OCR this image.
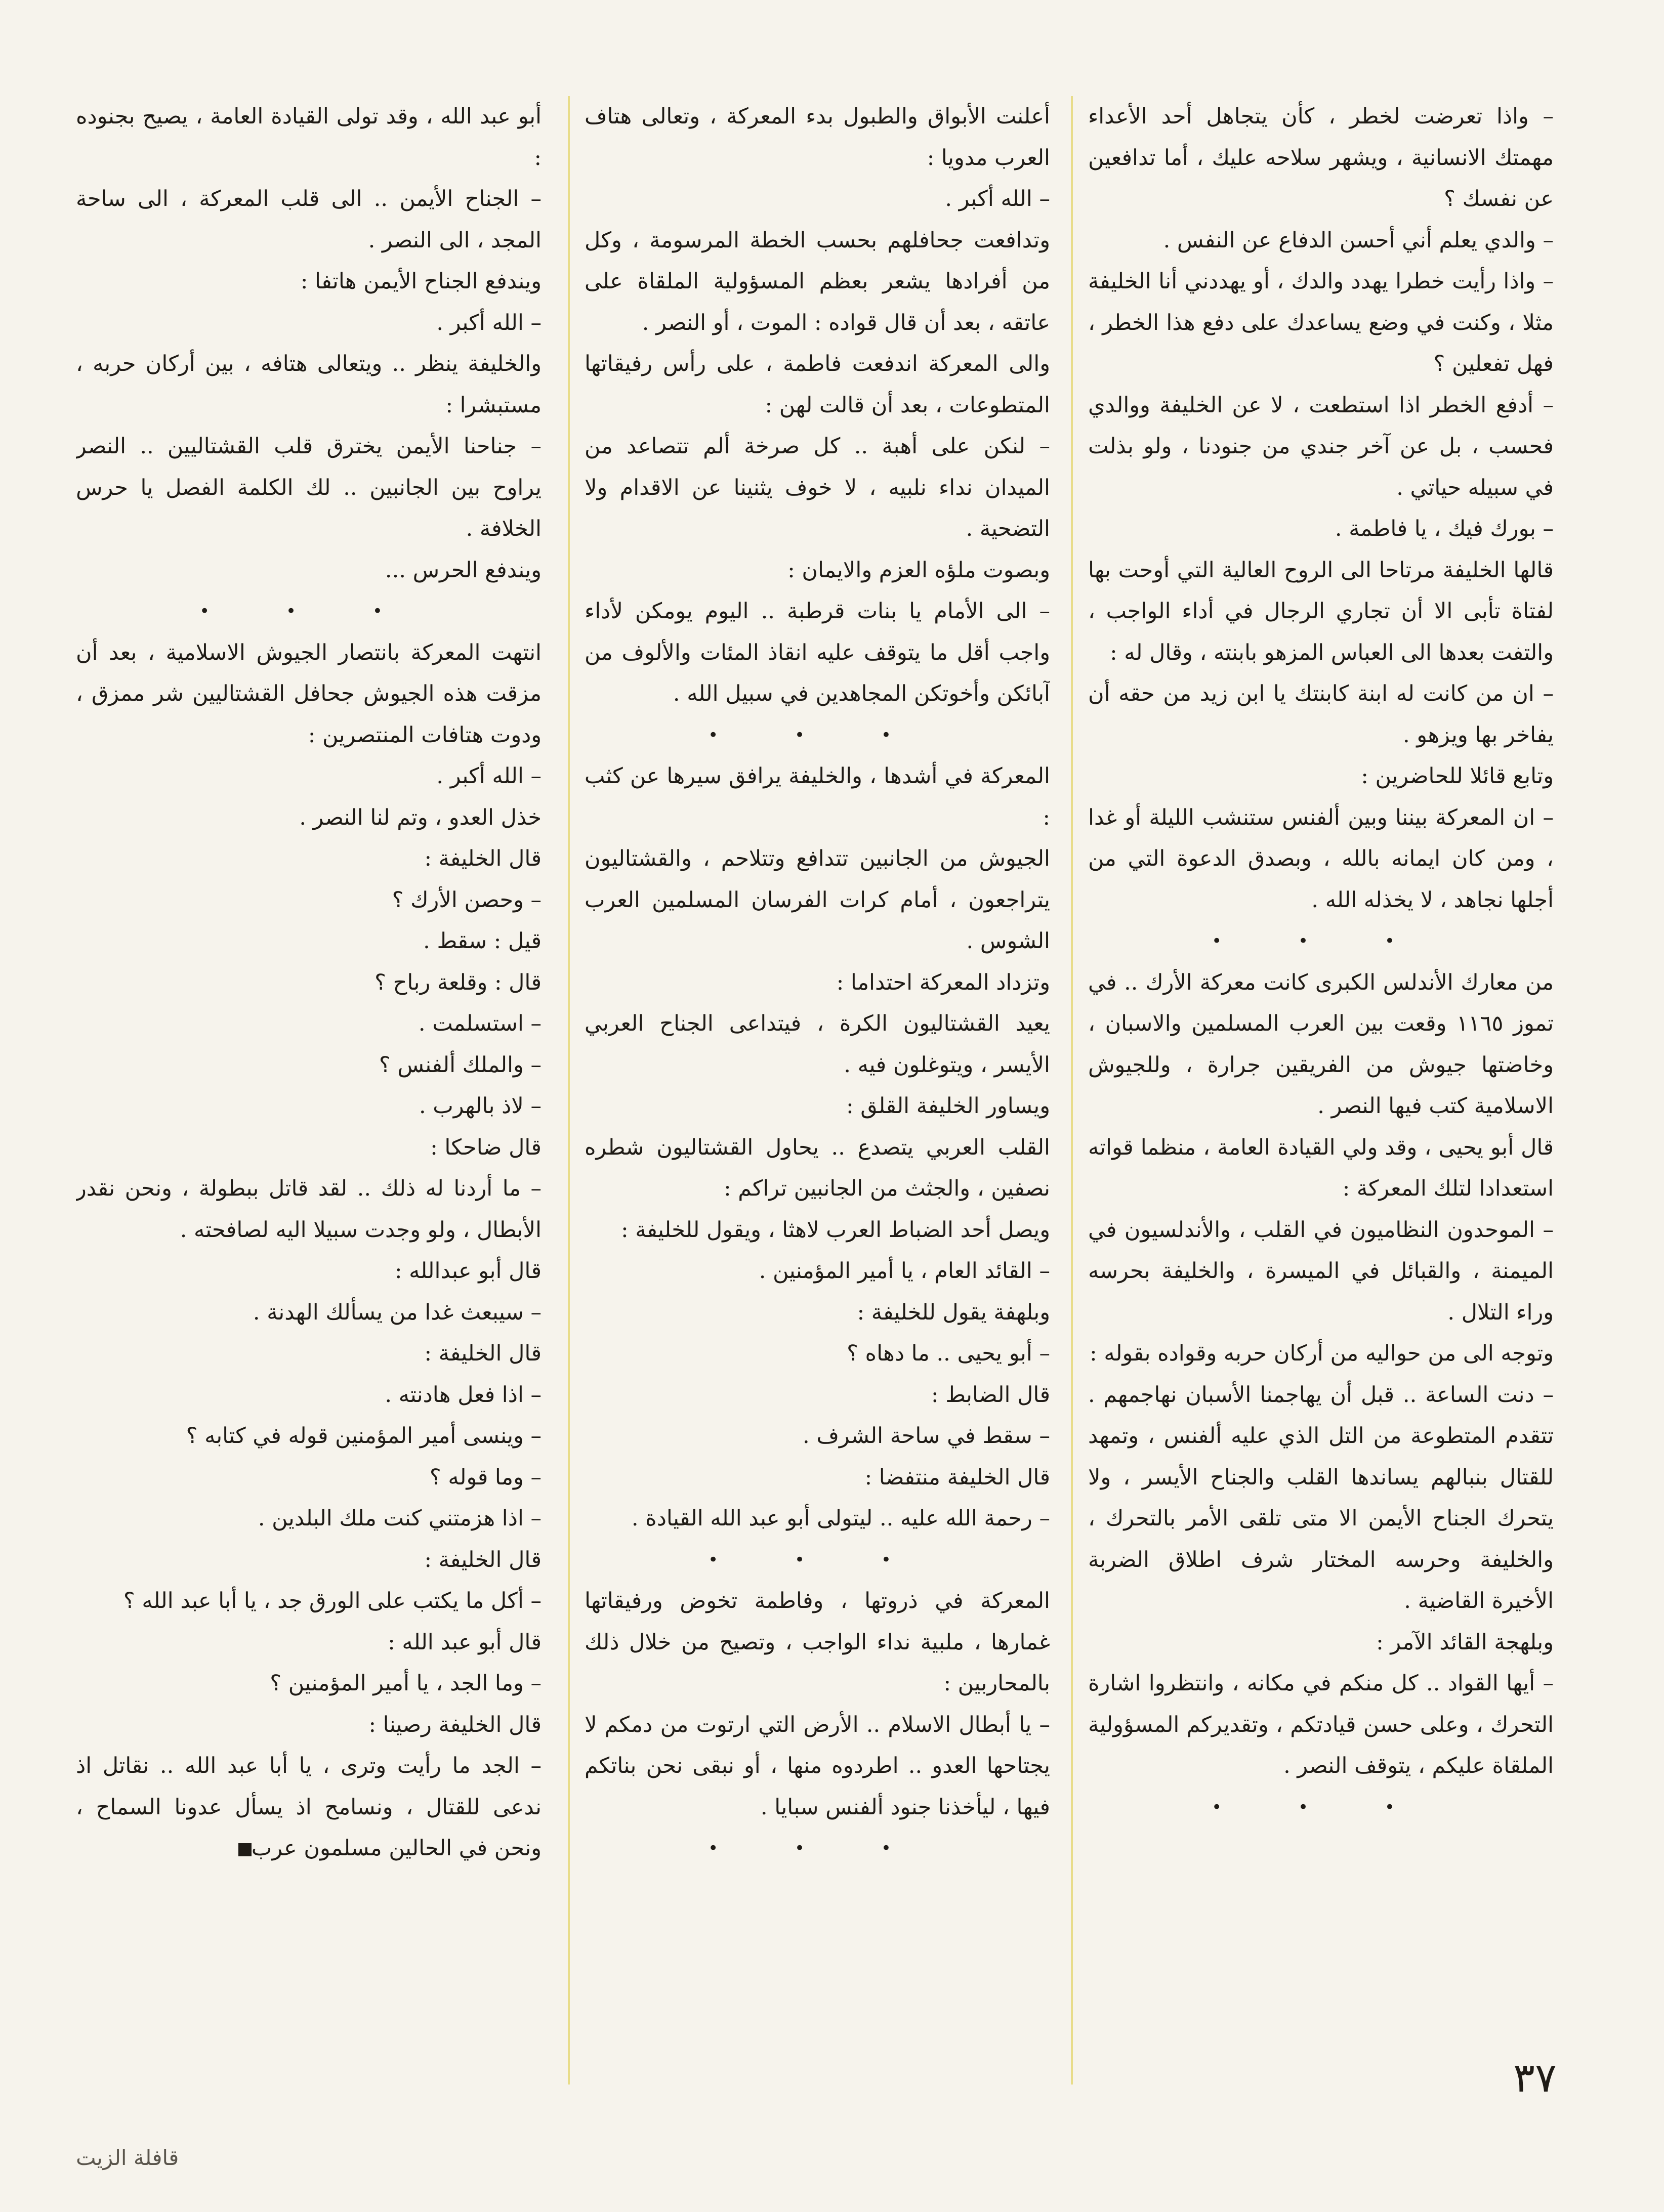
– واذا تعرضت لخطر ، كأن يتجاهل أحد الأعداء مهمتك الانسانية ، ويشهر سلاحه عليك ، أما تدافعين عن نفسك ؟

– والدي يعلم أني أحسن الدفاع عن النفس .

– واذا رأيت خطرا يهدد والدك ، أو يهددني أنا الخليفة مثلا ، وكنت في وضع يساعدك على دفع هذا الخطر ، فهل تفعلين ؟

– أدفع الخطر اذا استطعت ، لا عن الخليفة ووالدي فحسب ، بل عن آخر جندي من جنودنا ، ولو بذلت في سبيله حياتي .

– بورك فيك ، يا فاطمة .

قالها الخليفة مرتاحا الى الروح العالية التي أوحت بها لفتاة تأبى الا أن تجاري الرجال في أداء الواجب ، والتفت بعدها الى العباس المزهو بابنته ، وقال له :

– ان من كانت له ابنة كابنتك يا ابن زيد من حقه أن يفاخر بها ويزهو .

وتابع قائلا للحاضرين :

– ان المعركة بيننا وبين ألفنس ستنشب الليلة أو غدا ، ومن كان ايمانه بالله ، وبصدق الدعوة التي من أجلها نجاهد ، لا يخذله الله .

• • •

من معارك الأندلس الكبرى كانت معركة الأرك .. في تموز ١١٦٥ وقعت بين العرب المسلمين والاسبان ، وخاضتها جيوش من الفريقين جرارة ، وللجيوش الاسلامية كتب فيها النصر .

قال أبو يحيى ، وقد ولي القيادة العامة ، منظما قواته استعدادا لتلك المعركة :

– الموحدون النظاميون في القلب ، والأندلسيون في الميمنة ، والقبائل في الميسرة ، والخليفة بحرسه وراء التلال .

وتوجه الى من حواليه من أركان حربه وقواده بقوله :

– دنت الساعة .. قبل أن يهاجمنا الأسبان نهاجمهم . تتقدم المتطوعة من التل الذي عليه ألفنس ، وتمهد للقتال بنبالهم يساندها القلب والجناح الأيسر ، ولا يتحرك الجناح الأيمن الا متى تلقى الأمر بالتحرك ، والخليفة وحرسه المختار شرف اطلاق الضربة الأخيرة القاضية .

وبلهجة القائد الآمر :

– أيها القواد .. كل منكم في مكانه ، وانتظروا اشارة التحرك ، وعلى حسن قيادتكم ، وتقديركم المسؤولية الملقاة عليكم ، يتوقف النصر .

• • •

أعلنت الأبواق والطبول بدء المعركة ، وتعالى هتاف العرب مدويا :

– الله أكبر .

وتدافعت جحافلهم بحسب الخطة المرسومة ، وكل من أفرادها يشعر بعظم المسؤولية الملقاة على عاتقه ، بعد أن قال قواده : الموت ، أو النصر .

والى المعركة اندفعت فاطمة ، على رأس رفيقاتها المتطوعات ، بعد أن قالت لهن :

– لنكن على أهبة .. كل صرخة ألم تتصاعد من الميدان نداء نلبيه ، لا خوف يثنينا عن الاقدام ولا التضحية .

وبصوت ملؤه العزم والايمان :

– الى الأمام يا بنات قرطبة .. اليوم يومكن لأداء واجب أقل ما يتوقف عليه انقاذ المئات والألوف من آبائكن وأخوتكن المجاهدين في سبيل الله .

• • •

المعركة في أشدها ، والخليفة يرافق سيرها عن كثب :

الجيوش من الجانبين تتدافع وتتلاحم ، والقشتاليون يتراجعون ، أمام كرات الفرسان المسلمين العرب الشوس .

وتزداد المعركة احتداما :

يعيد القشتاليون الكرة ، فيتداعى الجناح العربي الأيسر ، ويتوغلون فيه .

ويساور الخليفة القلق :

القلب العربي يتصدع .. يحاول القشتاليون شطره نصفين ، والجثث من الجانبين تراكم :

ويصل أحد الضباط العرب لاهثا ، ويقول للخليفة :

– القائد العام ، يا أمير المؤمنين .

وبلهفة يقول للخليفة :

– أبو يحيى .. ما دهاه ؟

قال الضابط :

– سقط في ساحة الشرف .

قال الخليفة منتفضا :

– رحمة الله عليه .. ليتولى أبو عبد الله القيادة .

• • •

المعركة في ذروتها ، وفاطمة تخوض ورفيقاتها غمارها ، ملبية نداء الواجب ، وتصيح من خلال ذلك بالمحاربين :

– يا أبطال الاسلام .. الأرض التي ارتوت من دمكم لا يجتاحها العدو .. اطردوه منها ، أو نبقى نحن بناتكم فيها ، ليأخذنا جنود ألفنس سبايا .

• • •

أبو عبد الله ، وقد تولى القيادة العامة ، يصيح بجنوده :

– الجناح الأيمن .. الى قلب المعركة ، الى ساحة المجد ، الى النصر .

ويندفع الجناح الأيمن هاتفا :

– الله أكبر .

والخليفة ينظر .. ويتعالى هتافه ، بين أركان حربه ، مستبشرا :

– جناحنا الأيمن يخترق قلب القشتاليين .. النصر يراوح بين الجانبين .. لك الكلمة الفصل يا حرس الخلافة .

ويندفع الحرس ...

• • •

انتهت المعركة بانتصار الجيوش الاسلامية ، بعد أن مزقت هذه الجيوش جحافل القشتاليين شر ممزق ، ودوت هتافات المنتصرين :

– الله أكبر .

خذل العدو ، وتم لنا النصر .

قال الخليفة :

– وحصن الأرك ؟

قيل : سقط .

قال : وقلعة رباح ؟

– استسلمت .

– والملك ألفنس ؟

– لاذ بالهرب .

قال ضاحكا :

– ما أردنا له ذلك .. لقد قاتل ببطولة ، ونحن نقدر الأبطال ، ولو وجدت سبيلا اليه لصافحته .

قال أبو عبدالله :

– سيبعث غدا من يسألك الهدنة .

قال الخليفة :

– اذا فعل هادنته .

– وينسى أمير المؤمنين قوله في كتابه ؟

– وما قوله ؟

– اذا هزمتني كنت ملك البلدين .

قال الخليفة :

– أكل ما يكتب على الورق جد ، يا أبا عبد الله ؟

قال أبو عبد الله :

– وما الجد ، يا أمير المؤمنين ؟

قال الخليفة رصينا :

– الجد ما رأيت وترى ، يا أبا عبد الله .. نقاتل اذ ندعى للقتال ، ونسامح اذ يسأل عدونا السماح ، ونحن في الحالين مسلمون عرب

٣٧
قافلة الزيت
